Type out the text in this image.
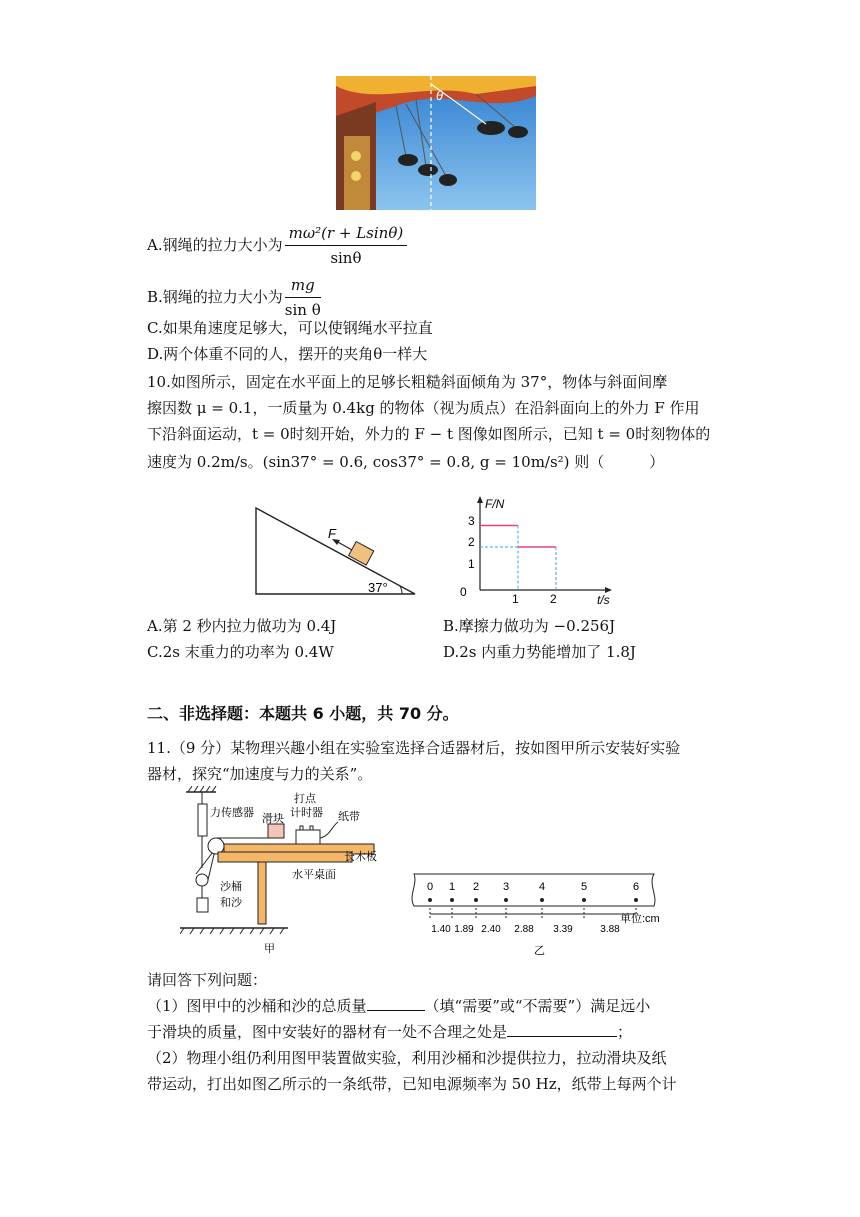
θ
A.钢绳的拉力大小为 $\frac{\text{mω²(r + Lsinθ)}}{\sin\theta}$
B.钢绳的拉力大小为 $\frac{mg}{\text{sin θ}}$
C.如果角速度足够大，可以使钢绳水平拉直
D.两个体重不同的人，摆开的夹角θ一样大
10.如图所示，固定在水平面上的足够长粗糙斜面倾角为 37°，物体与斜面间摩
擦因数 μ = 0.1，一质量为 0.4kg 的物体（视为质点）在沿斜面向上的外力 F 作用
下沿斜面运动，t = 0时刻开始，外力的 F − t 图像如图所示，已知 t = 0时刻物体的
速度为 0.2m/s。(sin37° = 0.6, cos37° = 0.8, g = 10m/s²) 则（　　　）
F
37°
F/N
t/s
0
3
2
1
1	2
A.第 2 秒内拉力做功为 0.4J	B.摩擦力做功为 −0.256J
C.2s 末重力的功率为 0.4W	D.2s 内重力势能增加了 1.8J
二、非选择题：本题共 6 小题，共 70 分。
11.（9 分）某物理兴趣小组在实验室选择合适器材后，按如图甲所示安装好实验
器材，探究“加速度与力的关系”。
力传感器 滑块
打点
计时器 纸带
长木板
水平桌面
沙桶
和沙
甲
单位:cm
乙
0 1 2 3	4	5	6
1.40 1.89 2.40 2.88 3.39	3.88
请回答下列问题：
（1）图甲中的沙桶和沙的总质量	（填“需要”或“不需要”）满足远小
于滑块的质量，图中安装好的器材有一处不合理之处是	；
（2）物理小组仍利用图甲装置做实验，利用沙桶和沙提供拉力，拉动滑块及纸
带运动，打出如图乙所示的一条纸带，已知电源频率为 50 Hz，纸带上每两个计
